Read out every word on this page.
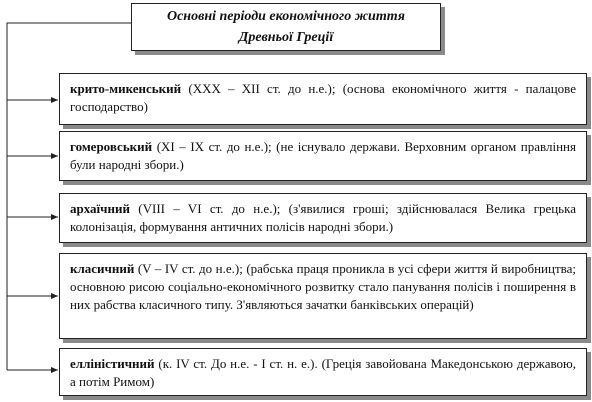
Основні періоди економічного життя
Древньої Греції
крито-микенський (ХХХ – ХІІ ст. до н.е.); (основа економічного життя - палацове господарство)
гомеровський (ХІ – ІХ ст. до н.е.); (не існувало держави. Верховним органом правління були народні збори.)
архаїчний (VIII – VI ст. до н.е.); (з'явилися гроші; здійснювалася Велика грецька колонізація, формування античних полісів народні збори.)
класичний (V – IV ст. до н.е.); (рабська праця проникла в усі сфери життя й виробництва; основною рисою соціально-економічного розвитку стало панування полісів і поширення в них рабства класичного типу. З'являються зачатки банківських операцій)
елліністичний (к. IV ст. До н.е. - І ст. н. е.). (Греція завойована Македонською державою, а потім Римом)
